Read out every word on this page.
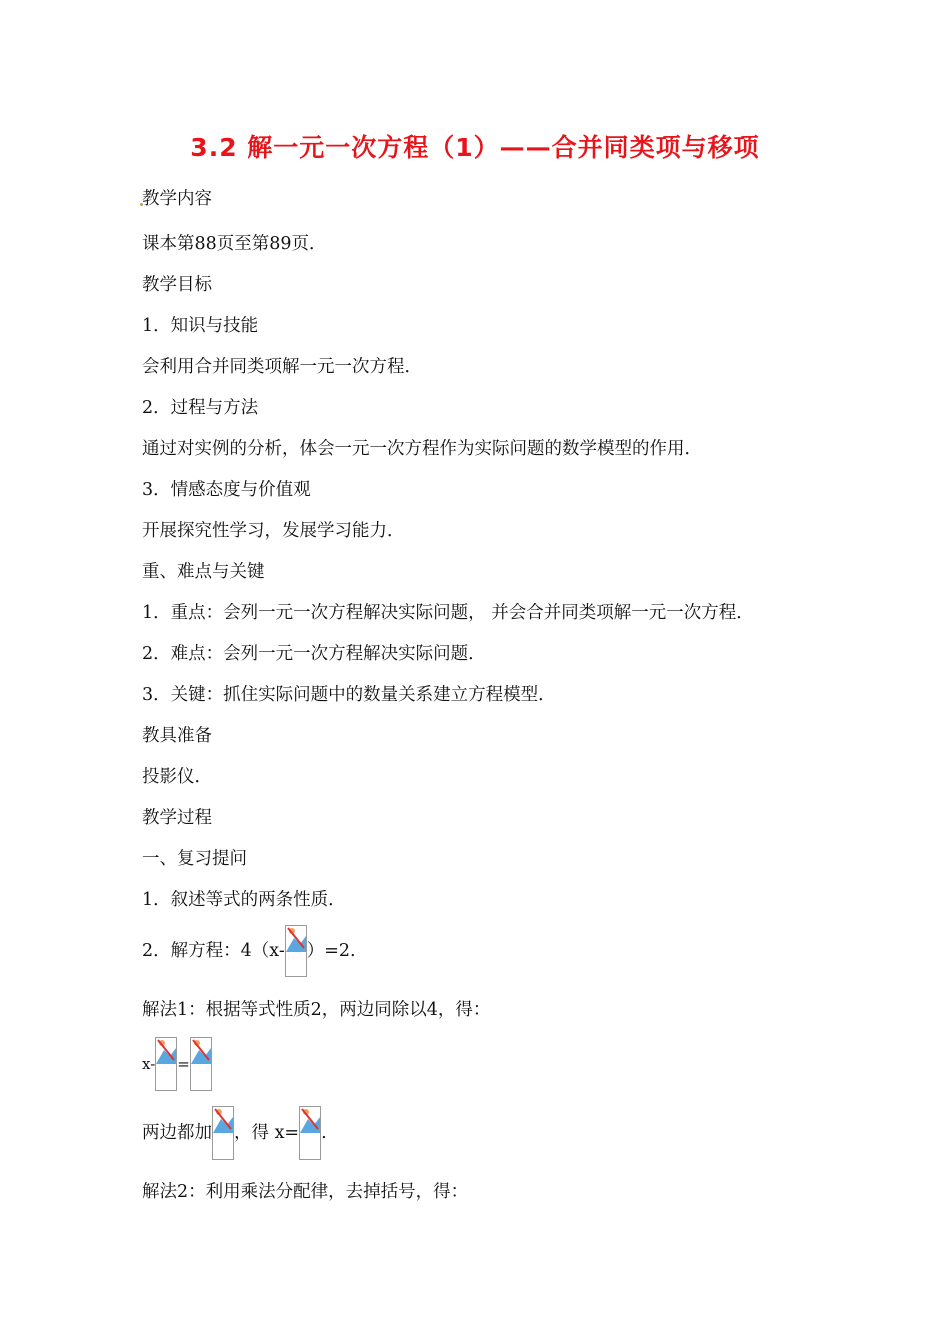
3.2 解一元一次方程（1）——合并同类项与移项
教学内容
课本第88页至第89页．
教学目标
1．知识与技能
会利用合并同类项解一元一次方程．
2．过程与方法
通过对实例的分析，体会一元一次方程作为实际问题的数学模型的作用．
3．情感态度与价值观
开展探究性学习，发展学习能力．
重、难点与关键
1．重点：会列一元一次方程解决实际问题， 并会合并同类项解一元一次方程．
2．难点：会列一元一次方程解决实际问题．
3．关键：抓住实际问题中的数量关系建立方程模型．
教具准备
投影仪．
教学过程
一、复习提问
1．叙述等式的两条性质．
2．解方程：4（x- ）=2.
解法1：根据等式性质2，两边同除以4，得：
x- =
两边都加 ，得 x= .
解法2：利用乘法分配律，去掉括号，得：
